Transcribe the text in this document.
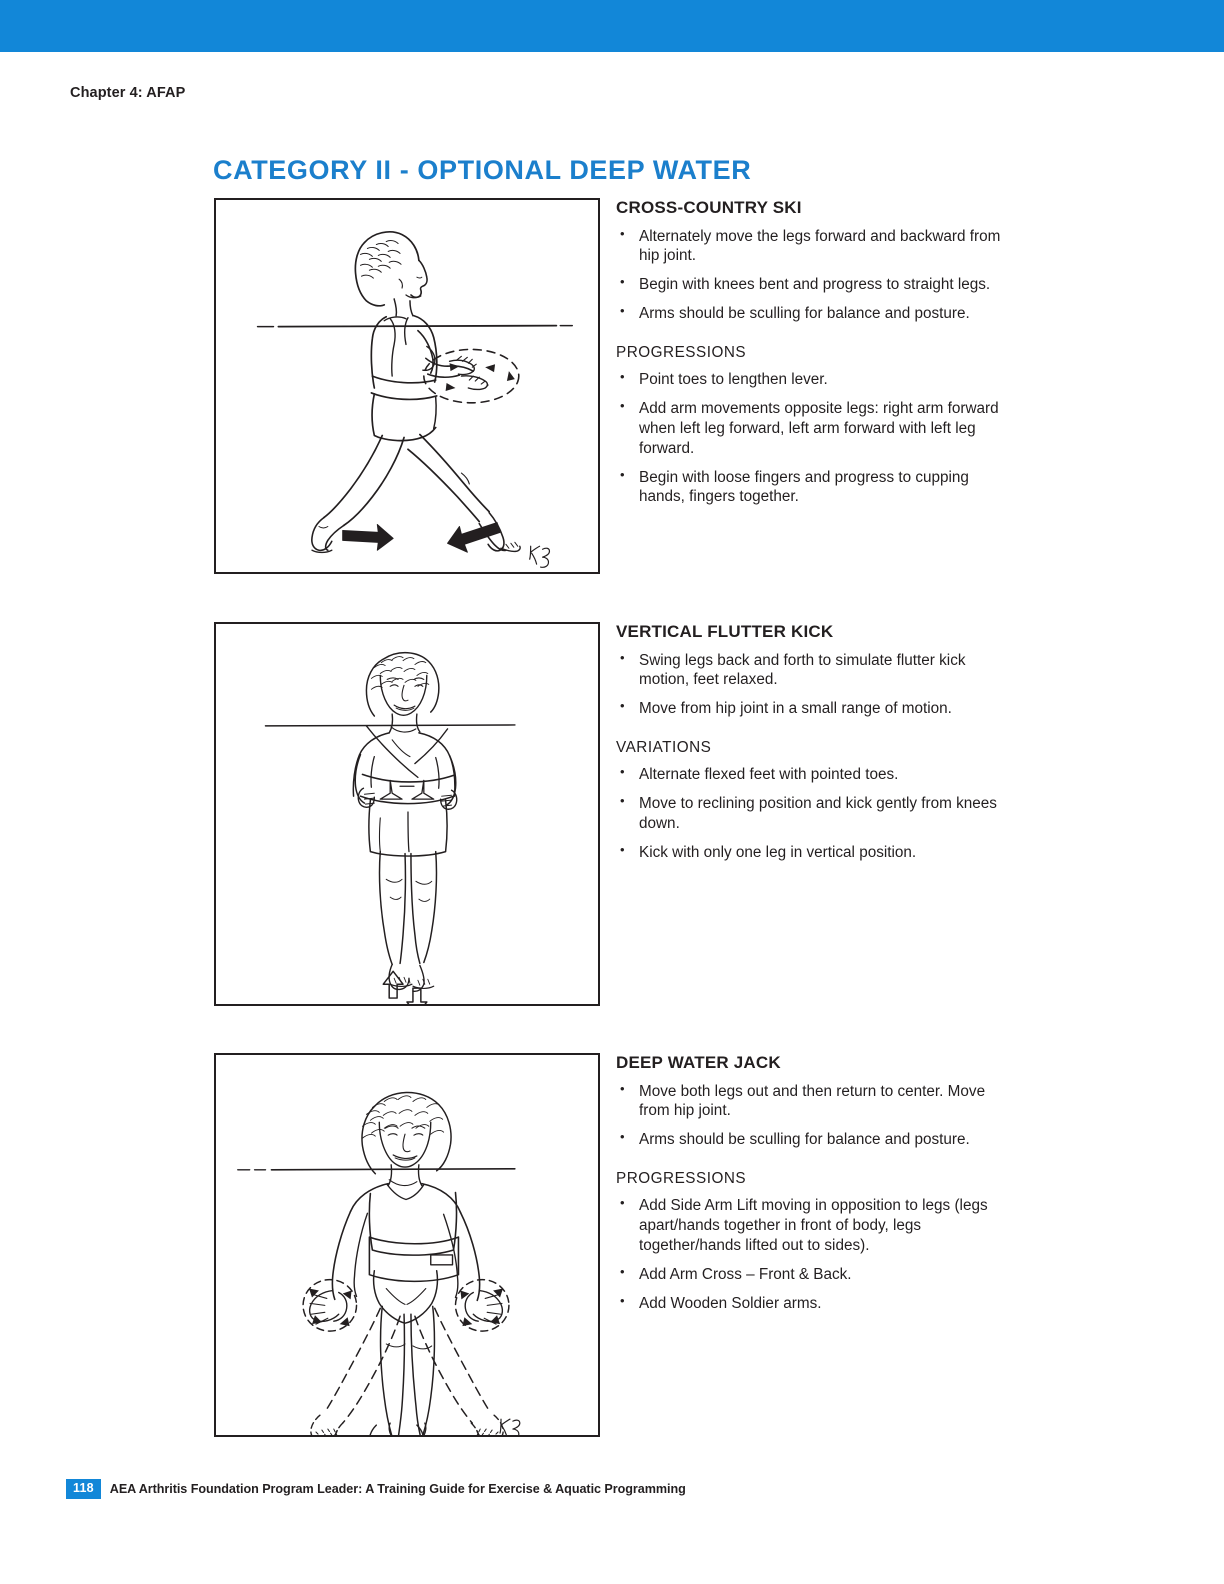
Chapter 4: AFAP
CATEGORY II - OPTIONAL DEEP WATER
CROSS-COUNTRY SKI
• Alternately move the legs forward and backward from hip joint.
• Begin with knees bent and progress to straight legs.
• Arms should be sculling for balance and posture.
PROGRESSIONS
• Point toes to lengthen lever.
• Add arm movements opposite legs: right arm forward when left leg forward, left arm forward with left leg forward.
• Begin with loose fingers and progress to cupping hands, fingers together.
VERTICAL FLUTTER KICK
• Swing legs back and forth to simulate flutter kick motion, feet relaxed.
• Move from hip joint in a small range of motion.
VARIATIONS
• Alternate flexed feet with pointed toes.
• Move to reclining position and kick gently from knees down.
• Kick with only one leg in vertical position.
DEEP WATER JACK
• Move both legs out and then return to center. Move from hip joint.
• Arms should be sculling for balance and posture.
PROGRESSIONS
• Add Side Arm Lift moving in opposition to legs (legs apart/hands together in front of body, legs together/hands lifted out to sides).
• Add Arm Cross – Front & Back.
• Add Wooden Soldier arms.
118	AEA Arthritis Foundation Program Leader: A Training Guide for Exercise & Aquatic Programming
